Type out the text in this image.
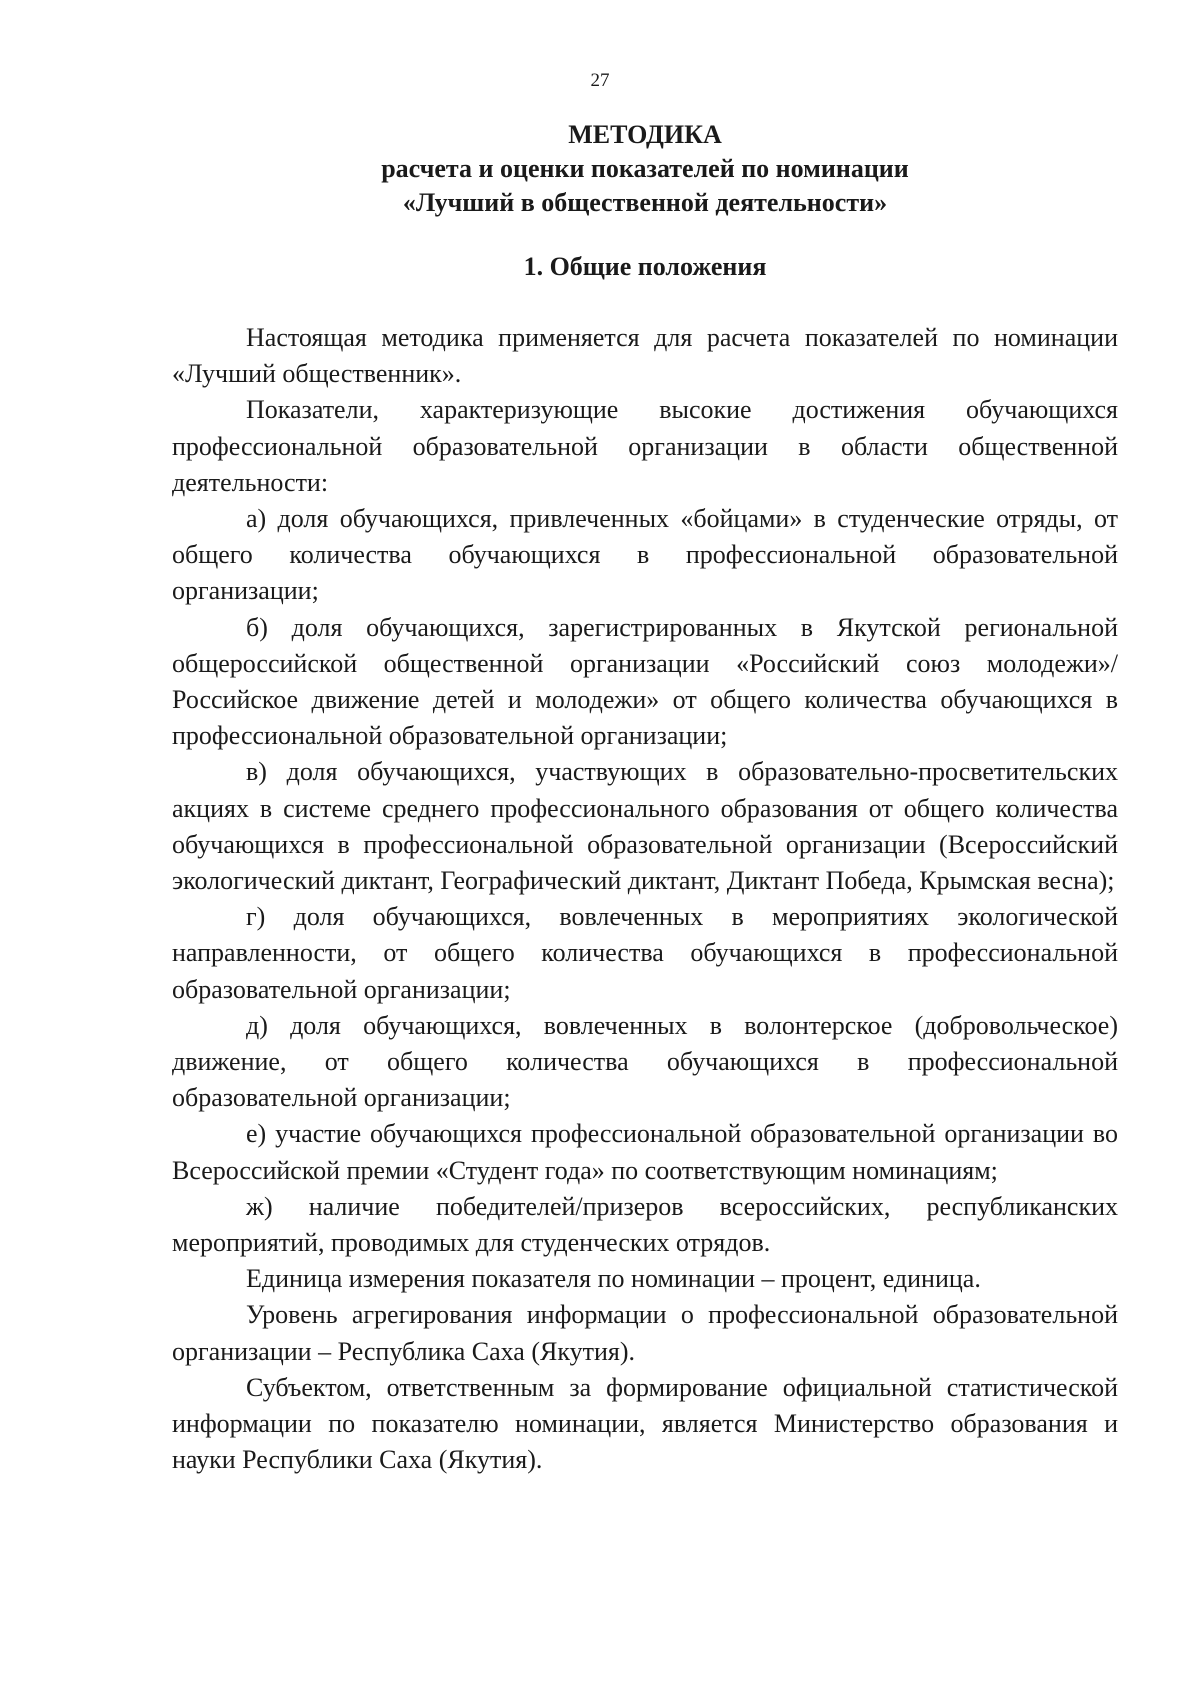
27
МЕТОДИКА
расчета и оценки показателей по номинации
«Лучший в общественной деятельности»
1. Общие положения

Настоящая методика применяется для расчета показателей по номинации «Лучший общественник».

Показатели, характеризующие высокие достижения обучающихся профессиональной образовательной организации в области общественной деятельности:

а) доля обучающихся, привлеченных «бойцами» в студенческие отряды, от общего количества обучающихся в профессиональной образовательной организации;

б) доля обучающихся, зарегистрированных в Якутской региональной общероссийской общественной организации «Российский союз молодежи»/Российское движение детей и молодежи» от общего количества обучающихся в профессиональной образовательной организации;

в) доля обучающихся, участвующих в образовательно-просветительских акциях в системе среднего профессионального образования от общего количества обучающихся в профессиональной образовательной организации (Всероссийский экологический диктант, Географический диктант, Диктант Победа, Крымская весна);

г) доля обучающихся, вовлеченных в мероприятиях экологической направленности, от общего количества обучающихся в профессиональной образовательной организации;

д) доля обучающихся, вовлеченных в волонтерское (добровольческое) движение, от общего количества обучающихся в профессиональной образовательной организации;

е) участие обучающихся профессиональной образовательной организации во Всероссийской премии «Студент года» по соответствующим номинациям;

ж) наличие победителей/призеров всероссийских, республиканских мероприятий, проводимых для студенческих отрядов.

Единица измерения показателя по номинации – процент, единица.

Уровень агрегирования информации о профессиональной образовательной организации – Республика Саха (Якутия).

Субъектом, ответственным за формирование официальной статистической информации по показателю номинации, является Министерство образования и науки Республики Саха (Якутия).
